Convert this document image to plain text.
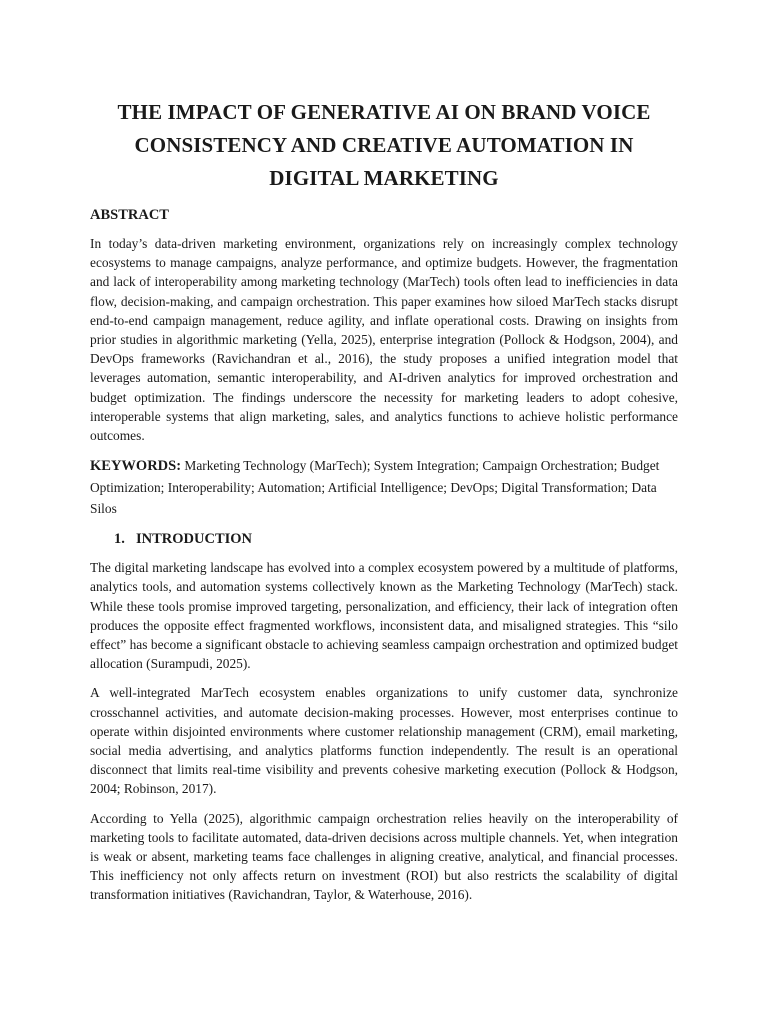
THE IMPACT OF GENERATIVE AI ON BRAND VOICE
CONSISTENCY AND CREATIVE AUTOMATION IN
DIGITAL MARKETING
ABSTRACT

In today’s data-driven marketing environment, organizations rely on increasingly complex technology ecosystems to manage campaigns, analyze performance, and optimize budgets. However, the fragmentation and lack of interoperability among marketing technology (MarTech) tools often lead to inefficiencies in data flow, decision-making, and campaign orchestration. This paper examines how siloed MarTech stacks disrupt end-to-end campaign management, reduce agility, and inflate operational costs. Drawing on insights from prior studies in algorithmic marketing (Yella, 2025), enterprise integration (Pollock & Hodgson, 2004), and DevOps frameworks (Ravichandran et al., 2016), the study proposes a unified integration model that leverages automation, semantic interoperability, and AI-driven analytics for improved orchestration and budget optimization. The findings underscore the necessity for marketing leaders to adopt cohesive, interoperable systems that align marketing, sales, and analytics functions to achieve holistic performance outcomes.

KEYWORDS: Marketing Technology (MarTech); System Integration; Campaign Orchestration; Budget Optimization; Interoperability; Automation; Artificial Intelligence; DevOps; Digital Transformation; Data Silos

1. INTRODUCTION

The digital marketing landscape has evolved into a complex ecosystem powered by a multitude of platforms, analytics tools, and automation systems collectively known as the Marketing Technology (MarTech) stack. While these tools promise improved targeting, personalization, and efficiency, their lack of integration often produces the opposite effect fragmented workflows, inconsistent data, and misaligned strategies. This “silo effect” has become a significant obstacle to achieving seamless campaign orchestration and optimized budget allocation (Surampudi, 2025).

A well-integrated MarTech ecosystem enables organizations to unify customer data, synchronize crosschannel activities, and automate decision-making processes. However, most enterprises continue to operate within disjointed environments where customer relationship management (CRM), email marketing, social media advertising, and analytics platforms function independently. The result is an operational disconnect that limits real-time visibility and prevents cohesive marketing execution (Pollock & Hodgson, 2004; Robinson, 2017).

According to Yella (2025), algorithmic campaign orchestration relies heavily on the interoperability of marketing tools to facilitate automated, data-driven decisions across multiple channels. Yet, when integration is weak or absent, marketing teams face challenges in aligning creative, analytical, and financial processes. This inefficiency not only affects return on investment (ROI) but also restricts the scalability of digital transformation initiatives (Ravichandran, Taylor, & Waterhouse, 2016).
